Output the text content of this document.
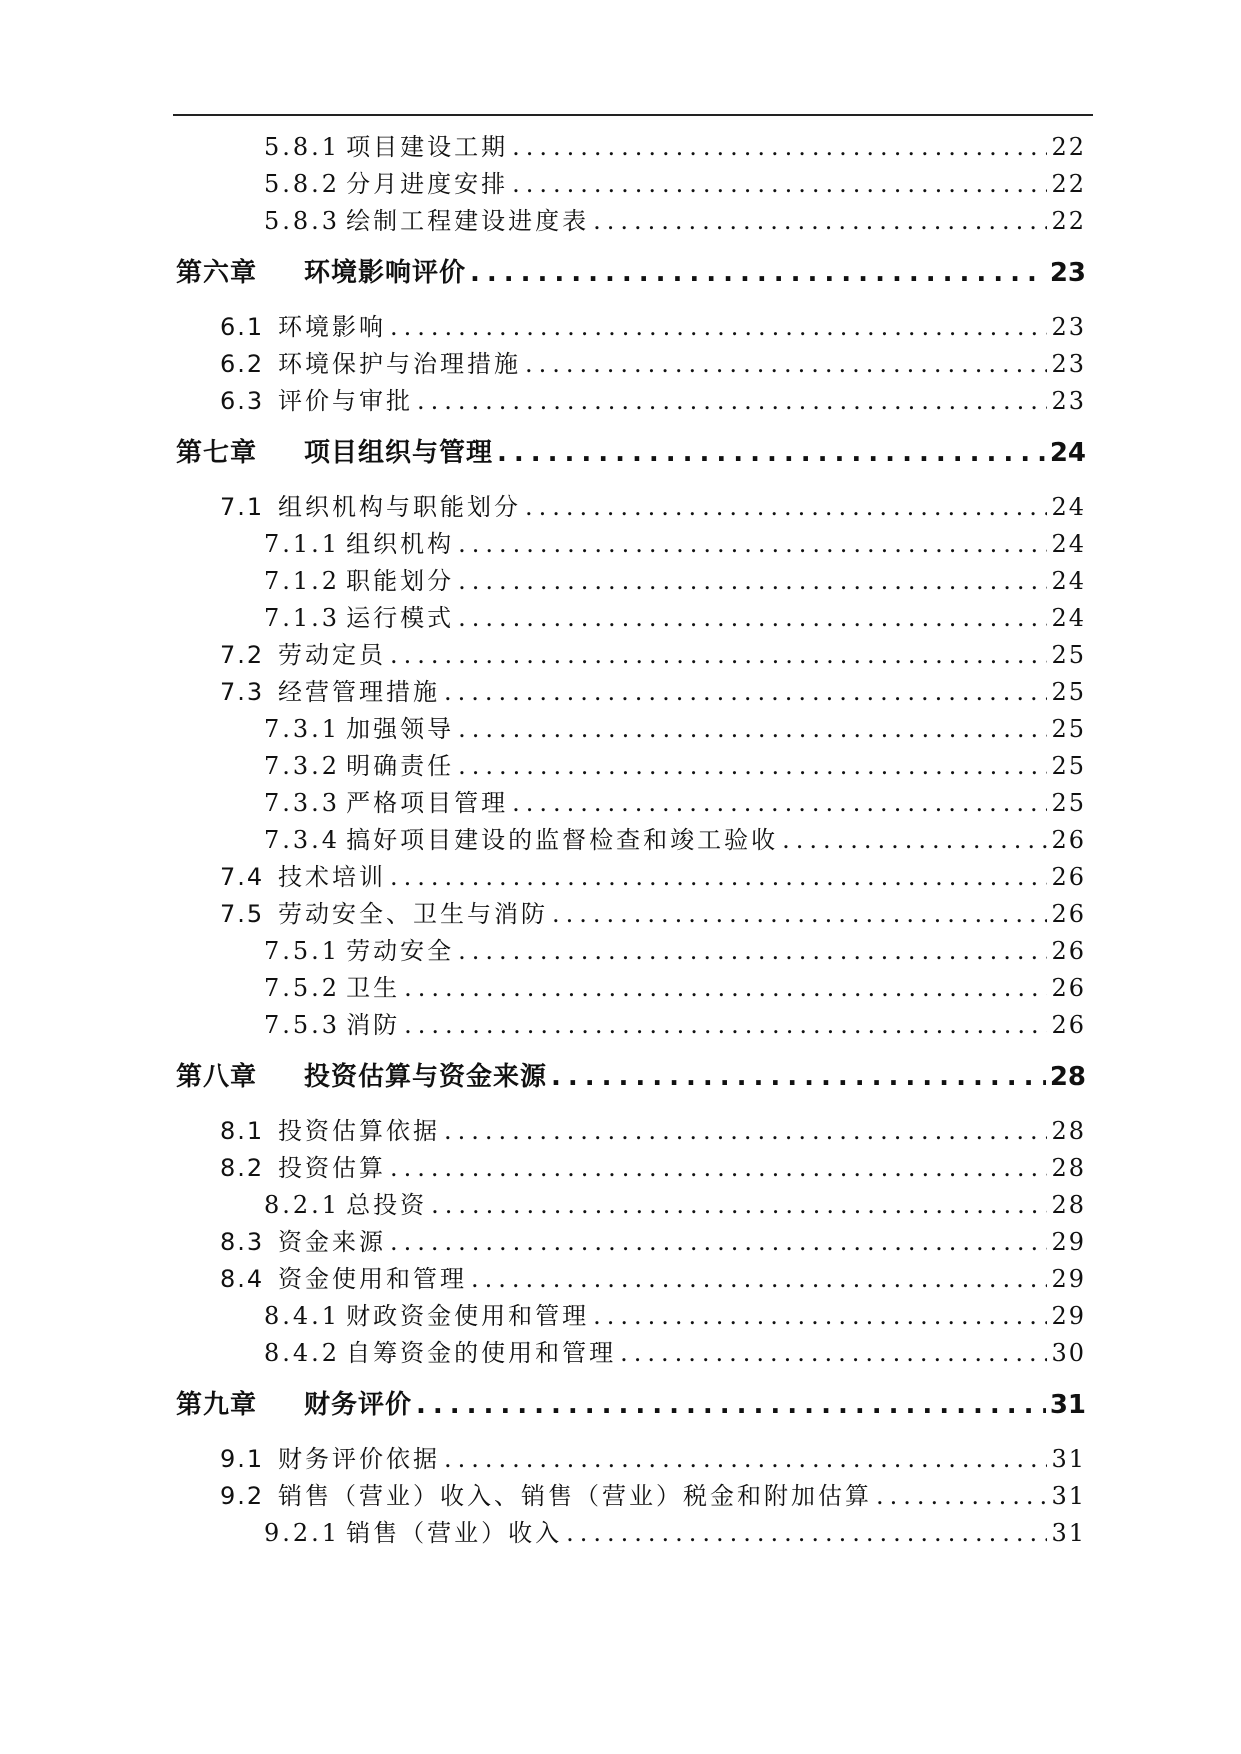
5.8.1 项目建设工期 .....	22
5.8.2 分月进度安排 .....	22
5.8.3 绘制工程建设进度表 .....	22
第六章	环境影响评价 .....	23
6.1 环境影响 .....	23
6.2 环境保护与治理措施 .....	23
6.3 评价与审批 .....	23
第七章	项目组织与管理 .....	24
7.1 组织机构与职能划分 .....	24
7.1.1 组织机构 .....	24
7.1.2 职能划分 .....	24
7.1.3 运行模式 .....	24
7.2 劳动定员 .....	25
7.3 经营管理措施 .....	25
7.3.1 加强领导 .....	25
7.3.2 明确责任 .....	25
7.3.3 严格项目管理 .....	25
7.3.4 搞好项目建设的监督检查和竣工验收 .....	26
7.4 技术培训 .....	26
7.5 劳动安全、卫生与消防 .....	26
7.5.1 劳动安全 .....	26
7.5.2 卫生 .....	26
7.5.3 消防 .....	26
第八章	投资估算与资金来源 .....	28
8.1 投资估算依据 .....	28
8.2 投资估算 .....	28
8.2.1 总投资 .....	28
8.3 资金来源 .....	29
8.4 资金使用和管理 .....	29
8.4.1 财政资金使用和管理 .....	29
8.4.2 自筹资金的使用和管理 .....	30
第九章	财务评价 .....	31
9.1 财务评价依据 .....	31
9.2 销售（营业）收入、销售（营业）税金和附加估算 .....	31
9.2.1 销售（营业）收入 .....	31
